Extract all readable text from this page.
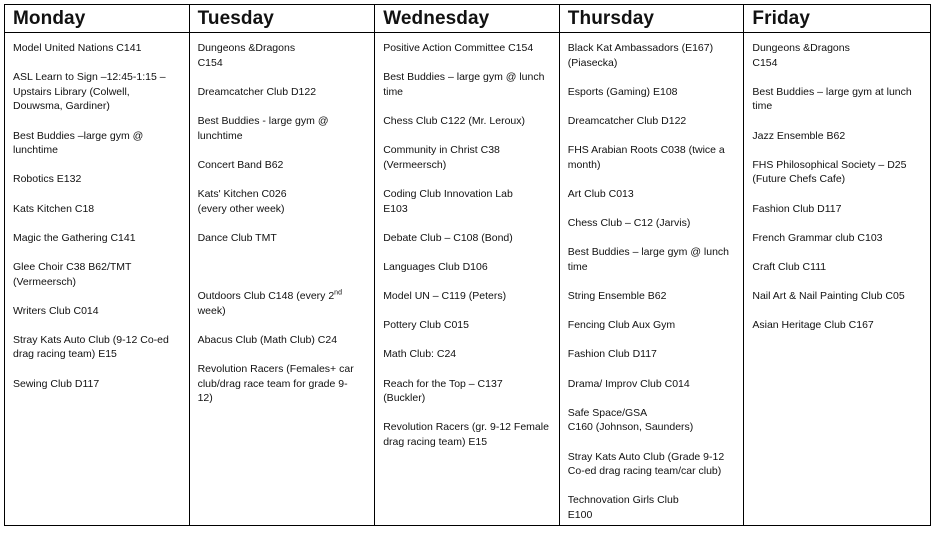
Monday
Model United Nations C141
ASL Learn to Sign –12:45-1:15 –
Upstairs Library (Colwell,
Douwsma, Gardiner)
Best Buddies –large gym @
lunchtime
Robotics E132
Kats Kitchen C18
Magic the Gathering C141
Glee Choir C38 B62/TMT
(Vermeersch)
Writers Club C014
Stray Kats Auto Club (9-12 Co-ed
drag racing team) E15
Sewing Club D117
Tuesday
Dungeons &Dragons
C154
Dreamcatcher Club D122
Best Buddies - large gym @
lunchtime
Concert Band B62
Kats' Kitchen C026
(every other week)
Dance Club TMT

Outdoors Club C148 (every 2nd
week)
Abacus Club (Math Club) C24
Revolution Racers (Females+ car
club/drag race team for grade 9-
12)
Wednesday
Positive Action Committee C154
Best Buddies – large gym @ lunch
time
Chess Club C122 (Mr. Leroux)
Community in Christ C38
(Vermeersch)
Coding Club Innovation Lab
E103
Debate Club – C108 (Bond)
Languages Club D106
Model UN – C119 (Peters)
Pottery Club C015
Math Club: C24
Reach for the Top – C137
(Buckler)
Revolution Racers (gr. 9-12 Female
drag racing team) E15
Thursday
Black Kat Ambassadors (E167)
(Piasecka)
Esports (Gaming) E108
Dreamcatcher Club D122
FHS Arabian Roots C038 (twice a
month)
Art Club C013
Chess Club – C12 (Jarvis)
Best Buddies – large gym @ lunch
time
String Ensemble B62
Fencing Club Aux Gym
Fashion Club D117
Drama/ Improv Club C014
Safe Space/GSA
C160 (Johnson, Saunders)
Stray Kats Auto Club (Grade 9-12
Co-ed drag racing team/car club)
Technovation Girls Club
E100
Friday
Dungeons &Dragons
C154
Best Buddies – large gym at lunch
time
Jazz Ensemble B62
FHS Philosophical Society – D25
(Future Chefs Cafe)
Fashion Club D117
French Grammar club C103
Craft Club C111
Nail Art & Nail Painting Club C05
Asian Heritage Club C167
